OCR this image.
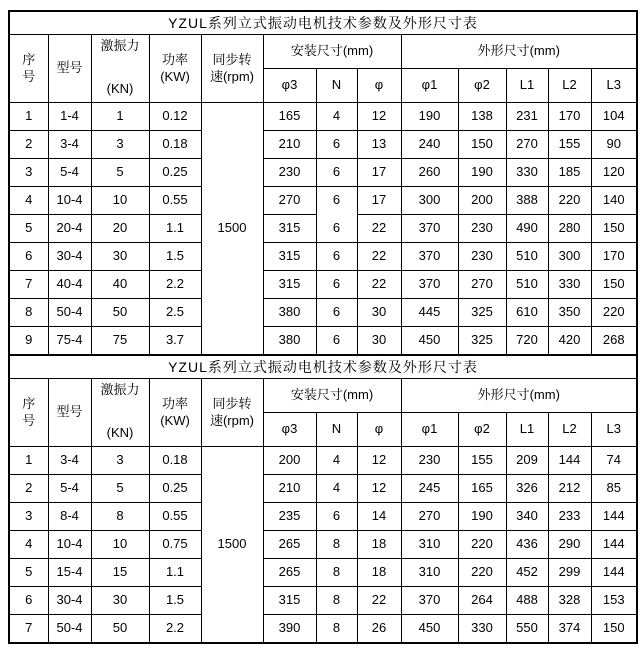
YZUL系列立式振动电机技术参数及外形尺寸表												

序
号	型号	激振力
(KN)	功率
(KW)	同步转
速(rpm)	安装尺寸(mm)			外形尺寸(mm)				
					φ3	N	φ	φ1	φ2	L1	L2	L3
1	1-4	1	0.12	1500	165	4	12	190	138	231	170	104
2	3-4	3	0.18		210	6	13	240	150	270	155	90
3	5-4	5	0.25		230	6	17	260	190	330	185	120
4	10-4	10	0.55		270	6	17	300	200	388	220	140
5	20-4	20	1.1		315	6	22	370	230	490	280	150
6	30-4	30	1.5		315	6	22	370	230	510	300	170
7	40-4	40	2.2		315	6	22	370	270	510	330	150
8	50-4	50	2.5		380	6	30	445	325	610	350	220
9	75-4	75	3.7		380	6	30	450	325	720	420	268
YZUL系列立式振动电机技术参数及外形尺寸表												

序
号	型号	激振力
(KN)	功率
(KW)	同步转
速(rpm)	安装尺寸(mm)			外形尺寸(mm)				
					φ3	N	φ	φ1	φ2	L1	L2	L3
1	3-4	3	0.18	1500	200	4	12	230	155	209	144	74
2	5-4	5	0.25		210	4	12	245	165	326	212	85
3	8-4	8	0.55		235	6	14	270	190	340	233	144
4	10-4	10	0.75		265	8	18	310	220	436	290	144
5	15-4	15	1.1		265	8	18	310	220	452	299	144
6	30-4	30	1.5		315	8	22	370	264	488	328	153
7	50-4	50	2.2		390	8	26	450	330	550	374	150
